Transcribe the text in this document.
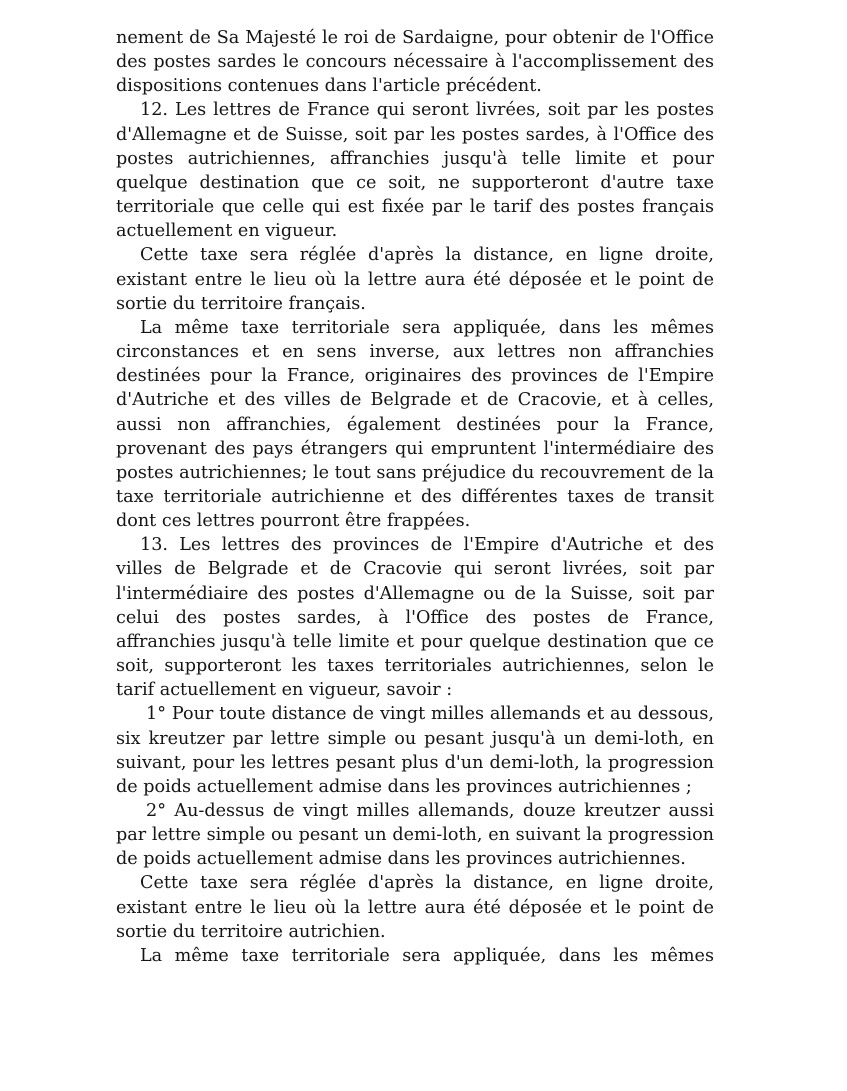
nement de Sa Majesté le roi de Sardaigne, pour obtenir de l'Office des postes sardes le concours nécessaire à l'accomplissement des dispositions contenues dans l'article précédent.

12. Les lettres de France qui seront livrées, soit par les postes d'Allemagne et de Suisse, soit par les postes sardes, à l'Office des postes autrichiennes, affranchies jusqu'à telle limite et pour quelque destination que ce soit, ne supporteront d'autre taxe territoriale que celle qui est fixée par le tarif des postes français actuellement en vigueur.

Cette taxe sera réglée d'après la distance, en ligne droite, existant entre le lieu où la lettre aura été déposée et le point de sortie du territoire français.

La même taxe territoriale sera appliquée, dans les mêmes circonstances et en sens inverse, aux lettres non affranchies destinées pour la France, originaires des provinces de l'Empire d'Autriche et des villes de Belgrade et de Cracovie, et à celles, aussi non affranchies, également destinées pour la France, provenant des pays étrangers qui empruntent l'intermédiaire des postes autrichiennes; le tout sans préjudice du recouvrement de la taxe territoriale autrichienne et des différentes taxes de transit dont ces lettres pourront être frappées.

13. Les lettres des provinces de l'Empire d'Autriche et des villes de Belgrade et de Cracovie qui seront livrées, soit par l'intermédiaire des postes d'Allemagne ou de la Suisse, soit par celui des postes sardes, à l'Office des postes de France, affranchies jusqu'à telle limite et pour quelque destination que ce soit, supporteront les taxes territoriales autrichiennes, selon le tarif actuellement en vigueur, savoir :

1° Pour toute distance de vingt milles allemands et au dessous, six kreutzer par lettre simple ou pesant jusqu'à un demi-loth, en suivant, pour les lettres pesant plus d'un demi-loth, la progression de poids actuellement admise dans les provinces autrichiennes ;

2° Au-dessus de vingt milles allemands, douze kreutzer aussi par lettre simple ou pesant un demi-loth, en suivant la progression de poids actuellement admise dans les provinces autrichiennes.

Cette taxe sera réglée d'après la distance, en ligne droite, existant entre le lieu où la lettre aura été déposée et le point de sortie du territoire autrichien.

La même taxe territoriale sera appliquée, dans les mêmes
